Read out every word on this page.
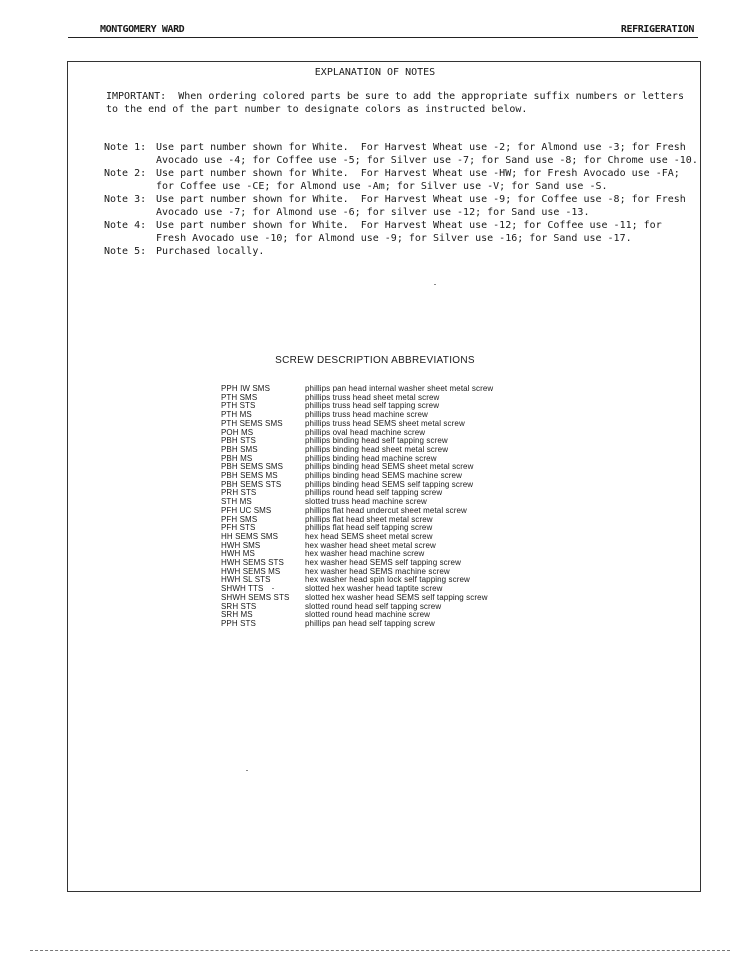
MONTGOMERY WARD	REFRIGERATION
EXPLANATION OF NOTES
IMPORTANT:  When ordering colored parts be sure to add the appropriate suffix numbers or letters
to the end of the part number to designate colors as instructed below.
Note 1: Use part number shown for White.  For Harvest Wheat use -2; for Almond use -3; for Fresh
Avocado use -4; for Coffee use -5; for Silver use -7; for Sand use -8; for Chrome use -10.
Note 2: Use part number shown for White.  For Harvest Wheat use -HW; for Fresh Avocado use -FA;
for Coffee use -CE; for Almond use -Am; for Silver use -V; for Sand use -S.
Note 3: Use part number shown for White.  For Harvest Wheat use -9; for Coffee use -8; for Fresh
Avocado use -7; for Almond use -6; for silver use -12; for Sand use -13.
Note 4: Use part number shown for White.  For Harvest Wheat use -12; for Coffee use -11; for
Fresh Avocado use -10; for Almond use -9; for Silver use -16; for Sand use -17.
Note 5: Purchased locally.
SCREW DESCRIPTION ABBREVIATIONS
PPH IW SMS	phillips pan head internal washer sheet metal screw
PTH SMS	phillips truss head sheet metal screw
PTH STS	phillips truss head self tapping screw
PTH MS	phillips truss head machine screw
PTH SEMS SMS	phillips truss head SEMS sheet metal screw
POH MS	phillips oval head machine screw
PBH STS	phillips binding head self tapping screw
PBH SMS	phillips binding head sheet metal screw
PBH MS	phillips binding head machine screw
PBH SEMS SMS	phillips binding head SEMS sheet metal screw
PBH SEMS MS	phillips binding head SEMS machine screw
PBH SEMS STS	phillips binding head SEMS self tapping screw
PRH STS	phillips round head self tapping screw
STH MS	slotted truss head machine screw
PFH UC SMS	phillips flat head undercut sheet metal screw
PFH SMS	phillips flat head sheet metal screw
PFH STS	phillips flat head self tapping screw
HH SEMS SMS	hex head SEMS sheet metal screw
HWH SMS	hex washer head sheet metal screw
HWH MS	hex washer head machine screw
HWH SEMS STS	hex washer head SEMS self tapping screw
HWH SEMS MS	hex washer head SEMS machine screw
HWH SL STS	hex washer head spin lock self tapping screw
SHWH TTS	slotted hex washer head taptite screw
SHWH SEMS STS	slotted hex washer head SEMS self tapping screw
SRH STS	slotted round head self tapping screw
SRH MS	slotted round head machine screw
PPH STS	phillips pan head self tapping screw
